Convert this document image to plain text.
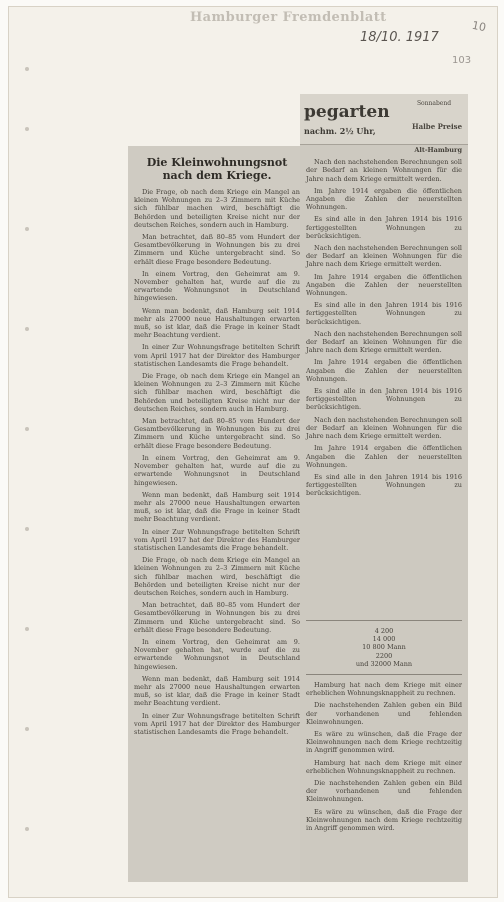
Hamburger Fremdenblatt
18/10. 1917
10
103
Die Kleinwohnungsnot nach dem Kriege.

Die Frage, ob nach dem Kriege ein Mangel an kleinen Wohnungen zu 2–3 Zimmern mit Küche sich fühlbar machen wird, beschäftigt die Behörden und beteiligten Kreise nicht nur der deutschen Reiches, sondern auch in Hamburg.

Man betrachtet, daß 80–85 vom Hundert der Gesamtbevölkerung in Wohnungen bis zu drei Zimmern und Küche untergebracht sind. So erhält diese Frage besondere Bedeutung.

In einem Vortrag, den Geheimrat am 9. November gehalten hat, wurde auf die zu erwartende Wohnungsnot in Deutschland hingewiesen.

Wenn man bedenkt, daß Hamburg seit 1914 mehr als 27000 neue Haushaltungen erwarten muß, so ist klar, daß die Frage in keiner Stadt mehr Beachtung verdient.

In einer Zur Wohnungsfrage betitelten Schrift vom April 1917 hat der Direktor des Hamburger statistischen Landesamts die Frage behandelt.

Die Frage, ob nach dem Kriege ein Mangel an kleinen Wohnungen zu 2–3 Zimmern mit Küche sich fühlbar machen wird, beschäftigt die Behörden und beteiligten Kreise nicht nur der deutschen Reiches, sondern auch in Hamburg.

Man betrachtet, daß 80–85 vom Hundert der Gesamtbevölkerung in Wohnungen bis zu drei Zimmern und Küche untergebracht sind. So erhält diese Frage besondere Bedeutung.

In einem Vortrag, den Geheimrat am 9. November gehalten hat, wurde auf die zu erwartende Wohnungsnot in Deutschland hingewiesen.

Wenn man bedenkt, daß Hamburg seit 1914 mehr als 27000 neue Haushaltungen erwarten muß, so ist klar, daß die Frage in keiner Stadt mehr Beachtung verdient.

In einer Zur Wohnungsfrage betitelten Schrift vom April 1917 hat der Direktor des Hamburger statistischen Landesamts die Frage behandelt.

Die Frage, ob nach dem Kriege ein Mangel an kleinen Wohnungen zu 2–3 Zimmern mit Küche sich fühlbar machen wird, beschäftigt die Behörden und beteiligten Kreise nicht nur der deutschen Reiches, sondern auch in Hamburg.

Man betrachtet, daß 80–85 vom Hundert der Gesamtbevölkerung in Wohnungen bis zu drei Zimmern und Küche untergebracht sind. So erhält diese Frage besondere Bedeutung.

In einem Vortrag, den Geheimrat am 9. November gehalten hat, wurde auf die zu erwartende Wohnungsnot in Deutschland hingewiesen.

Wenn man bedenkt, daß Hamburg seit 1914 mehr als 27000 neue Haushaltungen erwarten muß, so ist klar, daß die Frage in keiner Stadt mehr Beachtung verdient.

In einer Zur Wohnungsfrage betitelten Schrift vom April 1917 hat der Direktor des Hamburger statistischen Landesamts die Frage behandelt.

pegarten
nachm. 2½ Uhr,
Sonnabend
Halbe Preise

Alt-Hamburg

Nach den nachstehenden Berechnungen soll der Bedarf an kleinen Wohnungen für die Jahre nach dem Kriege ermittelt werden.

Im Jahre 1914 ergaben die öffentlichen Angaben die Zahlen der neuerstellten Wohnungen.

Es sind alle in den Jahren 1914 bis 1916 fertiggestellten Wohnungen zu berücksichtigen.

Nach den nachstehenden Berechnungen soll der Bedarf an kleinen Wohnungen für die Jahre nach dem Kriege ermittelt werden.

Im Jahre 1914 ergaben die öffentlichen Angaben die Zahlen der neuerstellten Wohnungen.

Es sind alle in den Jahren 1914 bis 1916 fertiggestellten Wohnungen zu berücksichtigen.

Nach den nachstehenden Berechnungen soll der Bedarf an kleinen Wohnungen für die Jahre nach dem Kriege ermittelt werden.

Im Jahre 1914 ergaben die öffentlichen Angaben die Zahlen der neuerstellten Wohnungen.

Es sind alle in den Jahren 1914 bis 1916 fertiggestellten Wohnungen zu berücksichtigen.

Nach den nachstehenden Berechnungen soll der Bedarf an kleinen Wohnungen für die Jahre nach dem Kriege ermittelt werden.

Im Jahre 1914 ergaben die öffentlichen Angaben die Zahlen der neuerstellten Wohnungen.

Es sind alle in den Jahren 1914 bis 1916 fertiggestellten Wohnungen zu berücksichtigen.

4 200
14 000
10 800 Mann
2200
und 32000 Mann
Hamburg hat nach dem Kriege mit einer erheblichen Wohnungsknappheit zu rechnen.
Die nachstehenden Zahlen geben ein Bild der vorhandenen und fehlenden Kleinwohnungen.
Es wäre zu wünschen, daß die Frage der Kleinwohnungen nach dem Kriege rechtzeitig in Angriff genommen wird.
Hamburg hat nach dem Kriege mit einer erheblichen Wohnungsknappheit zu rechnen.
Die nachstehenden Zahlen geben ein Bild der vorhandenen und fehlenden Kleinwohnungen.
Es wäre zu wünschen, daß die Frage der Kleinwohnungen nach dem Kriege rechtzeitig in Angriff genommen wird.
